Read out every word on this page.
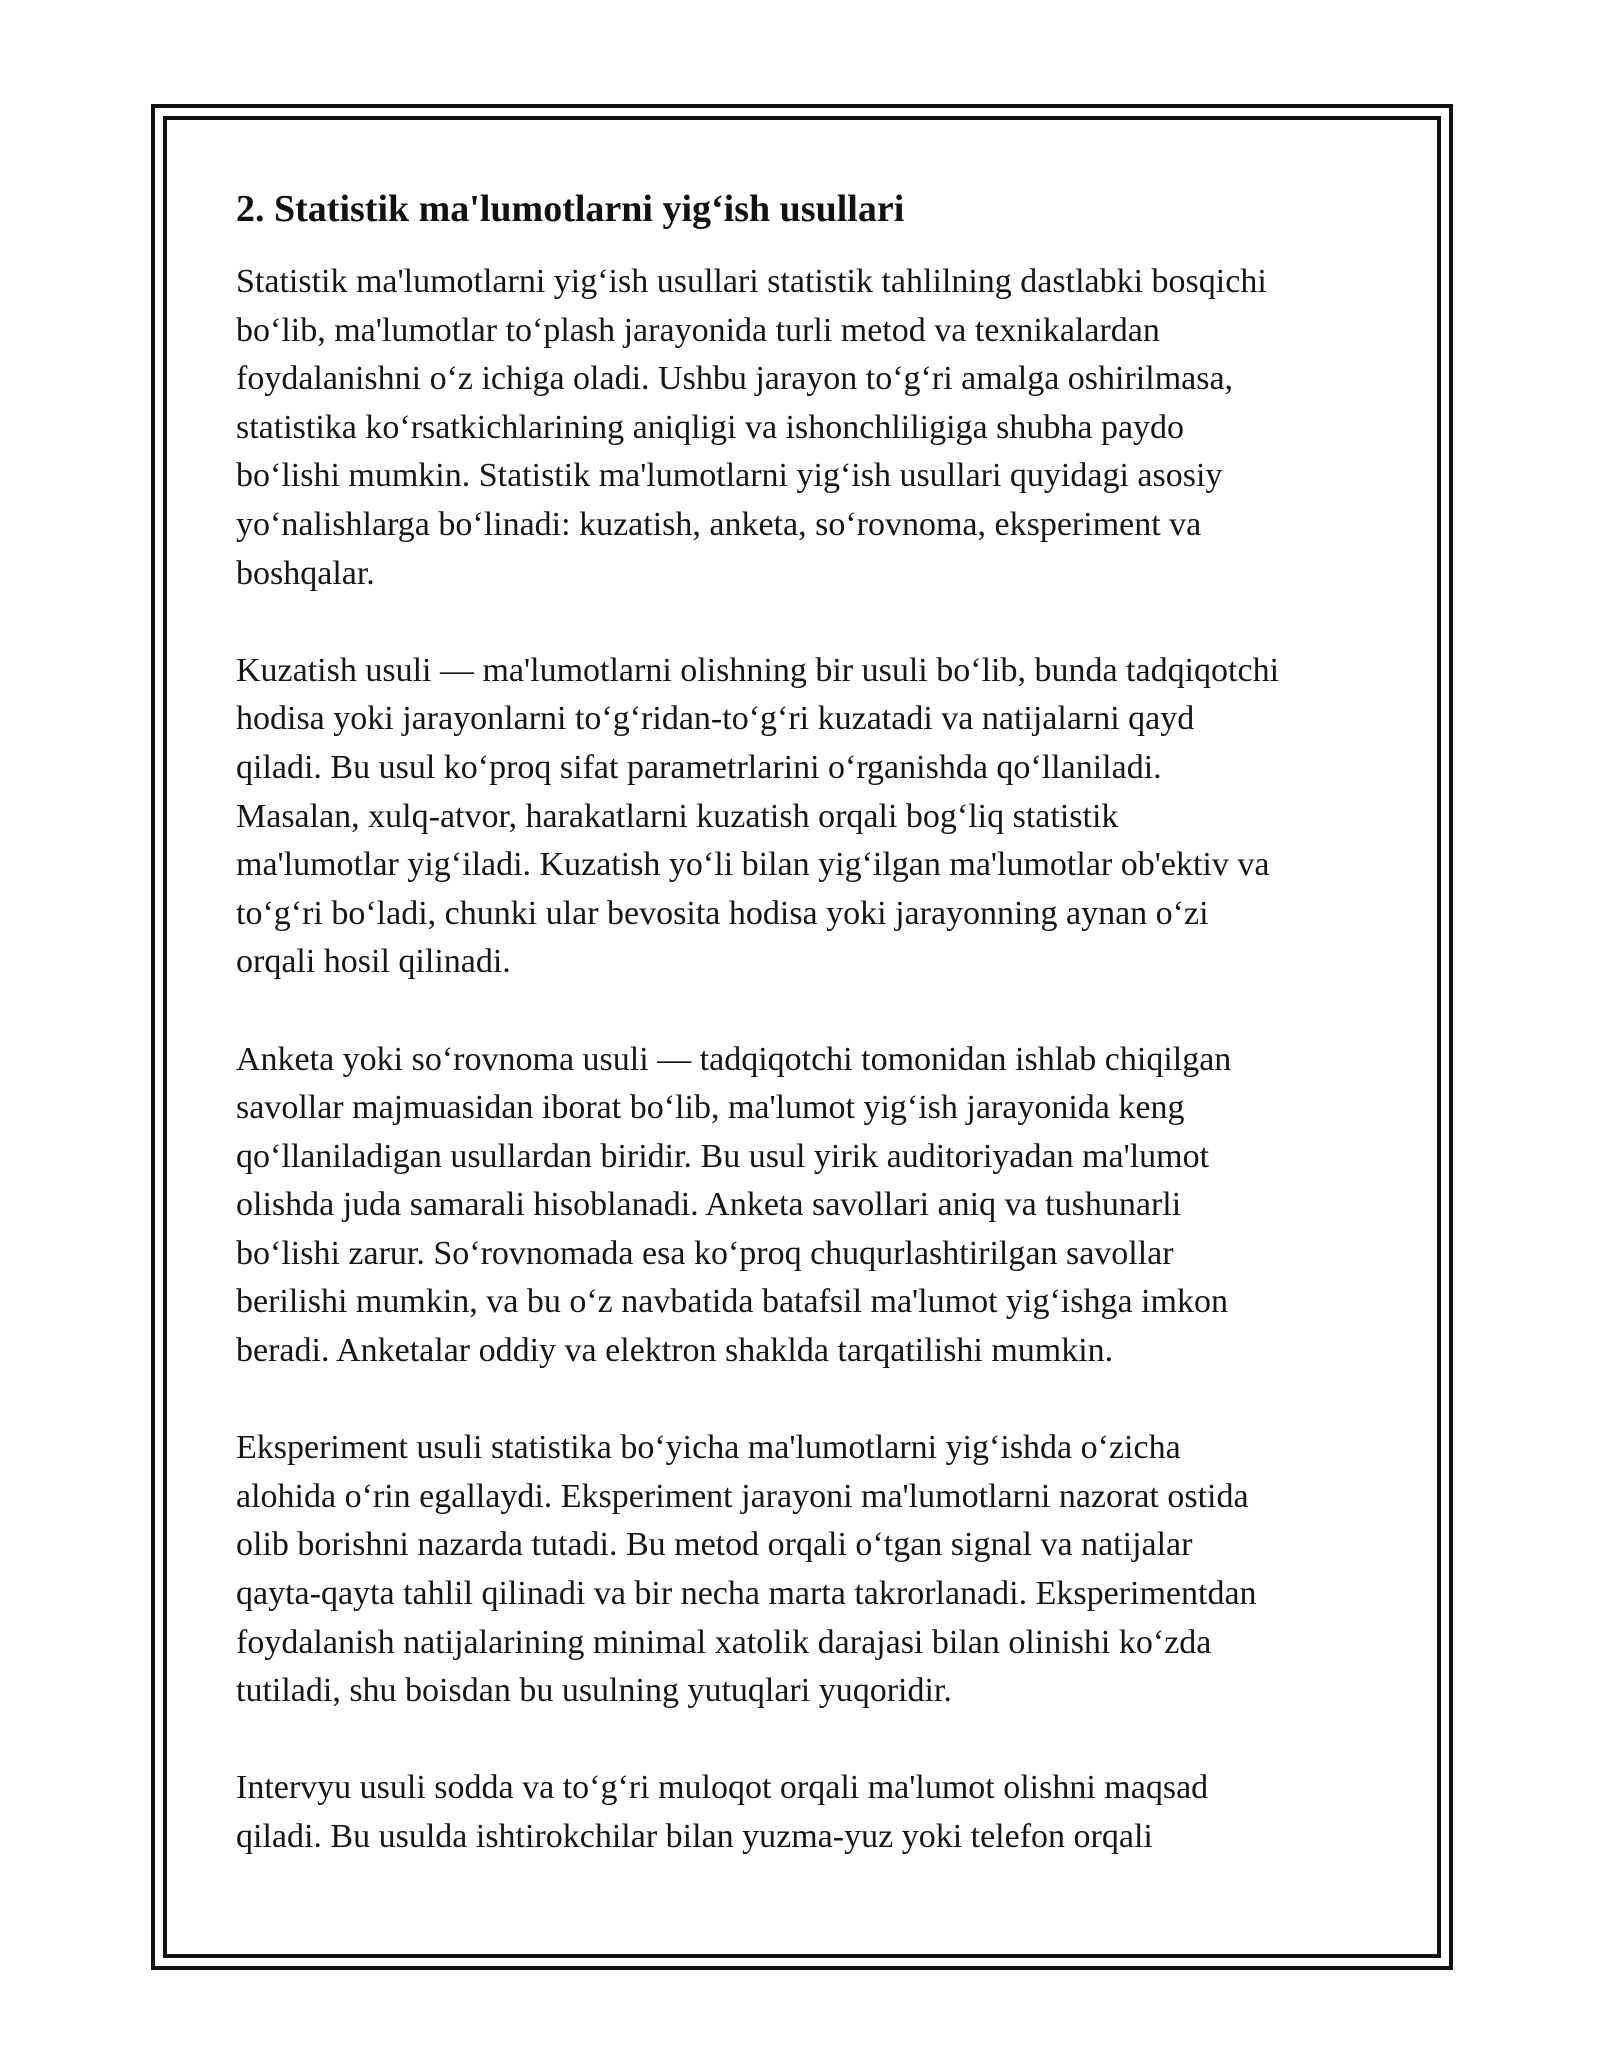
2. Statistik ma'lumotlarni yig‘ish usullari

Statistik ma'lumotlarni yig‘ish usullari statistik tahlilning dastlabki bosqichi
bo‘lib, ma'lumotlar to‘plash jarayonida turli metod va texnikalardan
foydalanishni o‘z ichiga oladi. Ushbu jarayon to‘g‘ri amalga oshirilmasa,
statistika ko‘rsatkichlarining aniqligi va ishonchliligiga shubha paydo
bo‘lishi mumkin. Statistik ma'lumotlarni yig‘ish usullari quyidagi asosiy
yo‘nalishlarga bo‘linadi: kuzatish, anketa, so‘rovnoma, eksperiment va
boshqalar.

Kuzatish usuli — ma'lumotlarni olishning bir usuli bo‘lib, bunda tadqiqotchi
hodisa yoki jarayonlarni to‘g‘ridan-to‘g‘ri kuzatadi va natijalarni qayd
qiladi. Bu usul ko‘proq sifat parametrlarini o‘rganishda qo‘llaniladi.
Masalan, xulq-atvor, harakatlarni kuzatish orqali bog‘liq statistik
ma'lumotlar yig‘iladi. Kuzatish yo‘li bilan yig‘ilgan ma'lumotlar ob'ektiv va
to‘g‘ri bo‘ladi, chunki ular bevosita hodisa yoki jarayonning aynan o‘zi
orqali hosil qilinadi.

Anketa yoki so‘rovnoma usuli — tadqiqotchi tomonidan ishlab chiqilgan
savollar majmuasidan iborat bo‘lib, ma'lumot yig‘ish jarayonida keng
qo‘llaniladigan usullardan biridir. Bu usul yirik auditoriyadan ma'lumot
olishda juda samarali hisoblanadi. Anketa savollari aniq va tushunarli
bo‘lishi zarur. So‘rovnomada esa ko‘proq chuqurlashtirilgan savollar
berilishi mumkin, va bu o‘z navbatida batafsil ma'lumot yig‘ishga imkon
beradi. Anketalar oddiy va elektron shaklda tarqatilishi mumkin.

Eksperiment usuli statistika bo‘yicha ma'lumotlarni yig‘ishda o‘zicha
alohida o‘rin egallaydi. Eksperiment jarayoni ma'lumotlarni nazorat ostida
olib borishni nazarda tutadi. Bu metod orqali o‘tgan signal va natijalar
qayta-qayta tahlil qilinadi va bir necha marta takrorlanadi. Eksperimentdan
foydalanish natijalarining minimal xatolik darajasi bilan olinishi ko‘zda
tutiladi, shu boisdan bu usulning yutuqlari yuqoridir.

Intervyu usuli sodda va to‘g‘ri muloqot orqali ma'lumot olishni maqsad
qiladi. Bu usulda ishtirokchilar bilan yuzma-yuz yoki telefon orqali
